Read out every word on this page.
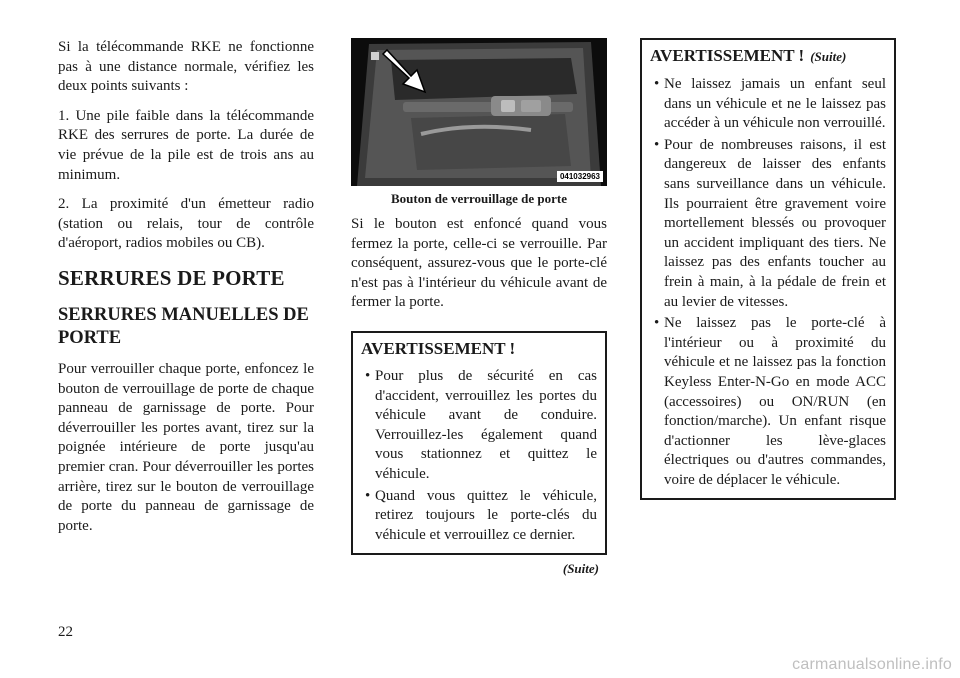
Si la télécommande RKE ne fonctionne pas à une distance normale, vérifiez les deux points suivants :

1. Une pile faible dans la télécommande RKE des serrures de porte. La durée de vie prévue de la pile est de trois ans au minimum.

2. La proximité d'un émetteur radio (station ou relais, tour de contrôle d'aéroport, radios mobiles ou CB).

SERRURES DE PORTE
SERRURES MANUELLES DE PORTE

Pour verrouiller chaque porte, enfoncez le bouton de verrouillage de porte de chaque panneau de garnissage de porte. Pour déverrouiller les portes avant, tirez sur la poignée intérieure de porte jusqu'au premier cran. Pour déverrouiller les portes arrière, tirez sur le bouton de verrouillage de porte du panneau de garnissage de porte.

041032963
Bouton de verrouillage de porte

Si le bouton est enfoncé quand vous fermez la porte, celle-ci se verrouille. Par conséquent, assurez-vous que le porte-clé n'est pas à l'intérieur du véhicule avant de fermer la porte.

AVERTISSEMENT !
• Pour plus de sécurité en cas d'accident, verrouillez les portes du véhicule avant de conduire. Verrouillez-les également quand vous stationnez et quittez le véhicule.
• Quand vous quittez le véhicule, retirez toujours le porte-clés du véhicule et verrouillez ce dernier.
(Suite)
AVERTISSEMENT ! (Suite)
• Ne laissez jamais un enfant seul dans un véhicule et ne le laissez pas accéder à un véhicule non verrouillé.
• Pour de nombreuses raisons, il est dangereux de laisser des enfants sans surveillance dans un véhicule. Ils pourraient être gravement voire mortellement blessés ou provoquer un accident impliquant des tiers. Ne laissez pas des enfants toucher au frein à main, à la pédale de frein et au levier de vitesses.
• Ne laissez pas le porte-clé à l'intérieur ou à proximité du véhicule et ne laissez pas la fonction Keyless Enter-N-Go en mode ACC (accessoires) ou ON/RUN (en fonction/marche). Un enfant risque d'actionner les lève-glaces électriques ou d'autres commandes, voire de déplacer le véhicule.
22
carmanualsonline.info
